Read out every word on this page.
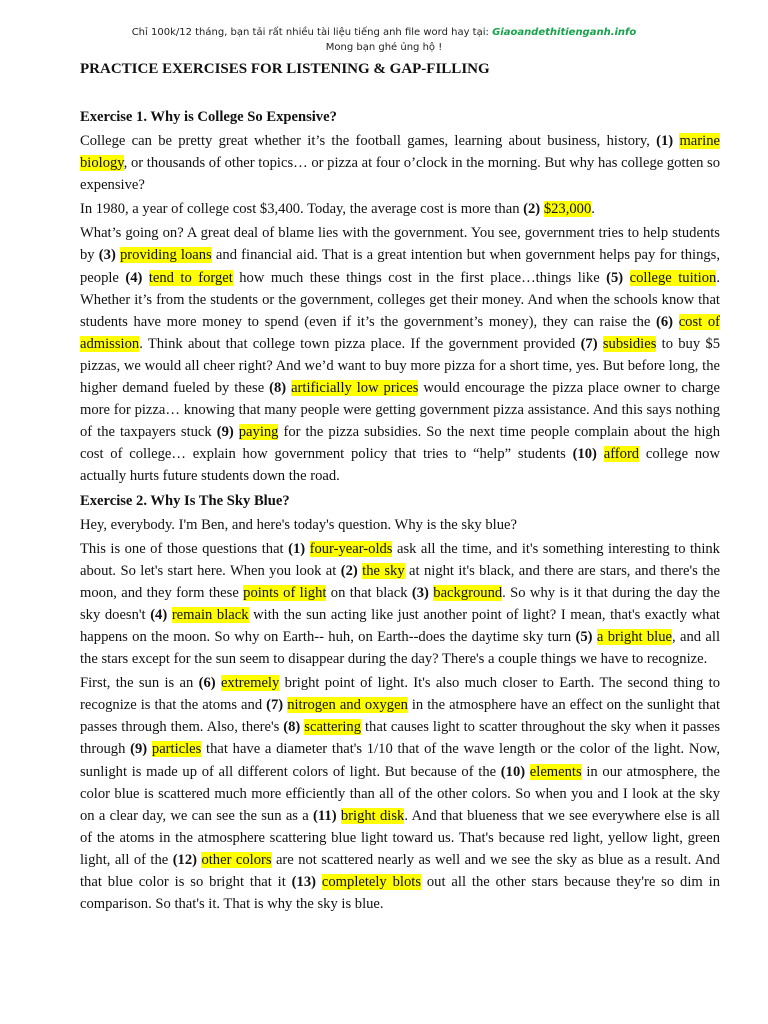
Chỉ 100k/12 tháng, bạn tải rất nhiều tài liệu tiếng anh file word hay tại: Giaoandethitienganh.info
Mong bạn ghé ủng hộ !
PRACTICE EXERCISES FOR LISTENING & GAP-FILLING
Exercise 1. Why is College So Expensive?

College can be pretty great whether it’s the football games, learning about business, history, (1) marine biology, or thousands of other topics… or pizza at four o’clock in the morning. But why has college gotten so expensive?

In 1980, a year of college cost $3,400. Today, the average cost is more than (2) $23,000.

What’s going on? A great deal of blame lies with the government. You see, government tries to help students by (3) providing loans and financial aid. That is a great intention but when government helps pay for things, people (4) tend to forget how much these things cost in the first place…things like (5) college tuition. Whether it’s from the students or the government, colleges get their money. And when the schools know that students have more money to spend (even if it’s the government’s money), they can raise the (6) cost of admission. Think about that college town pizza place. If the government provided (7) subsidies to buy $5 pizzas, we would all cheer right? And we’d want to buy more pizza for a short time, yes. But before long, the higher demand fueled by these (8) artificially low prices would encourage the pizza place owner to charge more for pizza… knowing that many people were getting government pizza assistance. And this says nothing of the taxpayers stuck (9) paying for the pizza subsidies. So the next time people complain about the high cost of college… explain how government policy that tries to “help” students (10) afford college now actually hurts future students down the road.

Exercise 2. Why Is The Sky Blue?

Hey, everybody. I'm Ben, and here's today's question. Why is the sky blue?

This is one of those questions that (1) four-year-olds ask all the time, and it's something interesting to think about. So let's start here. When you look at (2) the sky at night it's black, and there are stars, and there's the moon, and they form these points of light on that black (3) background. So why is it that during the day the sky doesn't (4) remain black with the sun acting like just another point of light? I mean, that's exactly what happens on the moon. So why on Earth-- huh, on Earth--does the daytime sky turn (5) a bright blue, and all the stars except for the sun seem to disappear during the day? There's a couple things we have to recognize.

First, the sun is an (6) extremely bright point of light. It's also much closer to Earth. The second thing to recognize is that the atoms and (7) nitrogen and oxygen in the atmosphere have an effect on the sunlight that passes through them. Also, there's (8) scattering that causes light to scatter throughout the sky when it passes through (9) particles that have a diameter that's 1/10 that of the wave length or the color of the light. Now, sunlight is made up of all different colors of light. But because of the (10) elements in our atmosphere, the color blue is scattered much more efficiently than all of the other colors. So when you and I look at the sky on a clear day, we can see the sun as a (11) bright disk. And that blueness that we see everywhere else is all of the atoms in the atmosphere scattering blue light toward us. That's because red light, yellow light, green light, all of the (12) other colors are not scattered nearly as well and we see the sky as blue as a result. And that blue color is so bright that it (13) completely blots out all the other stars because they're so dim in comparison. So that's it. That is why the sky is blue.
